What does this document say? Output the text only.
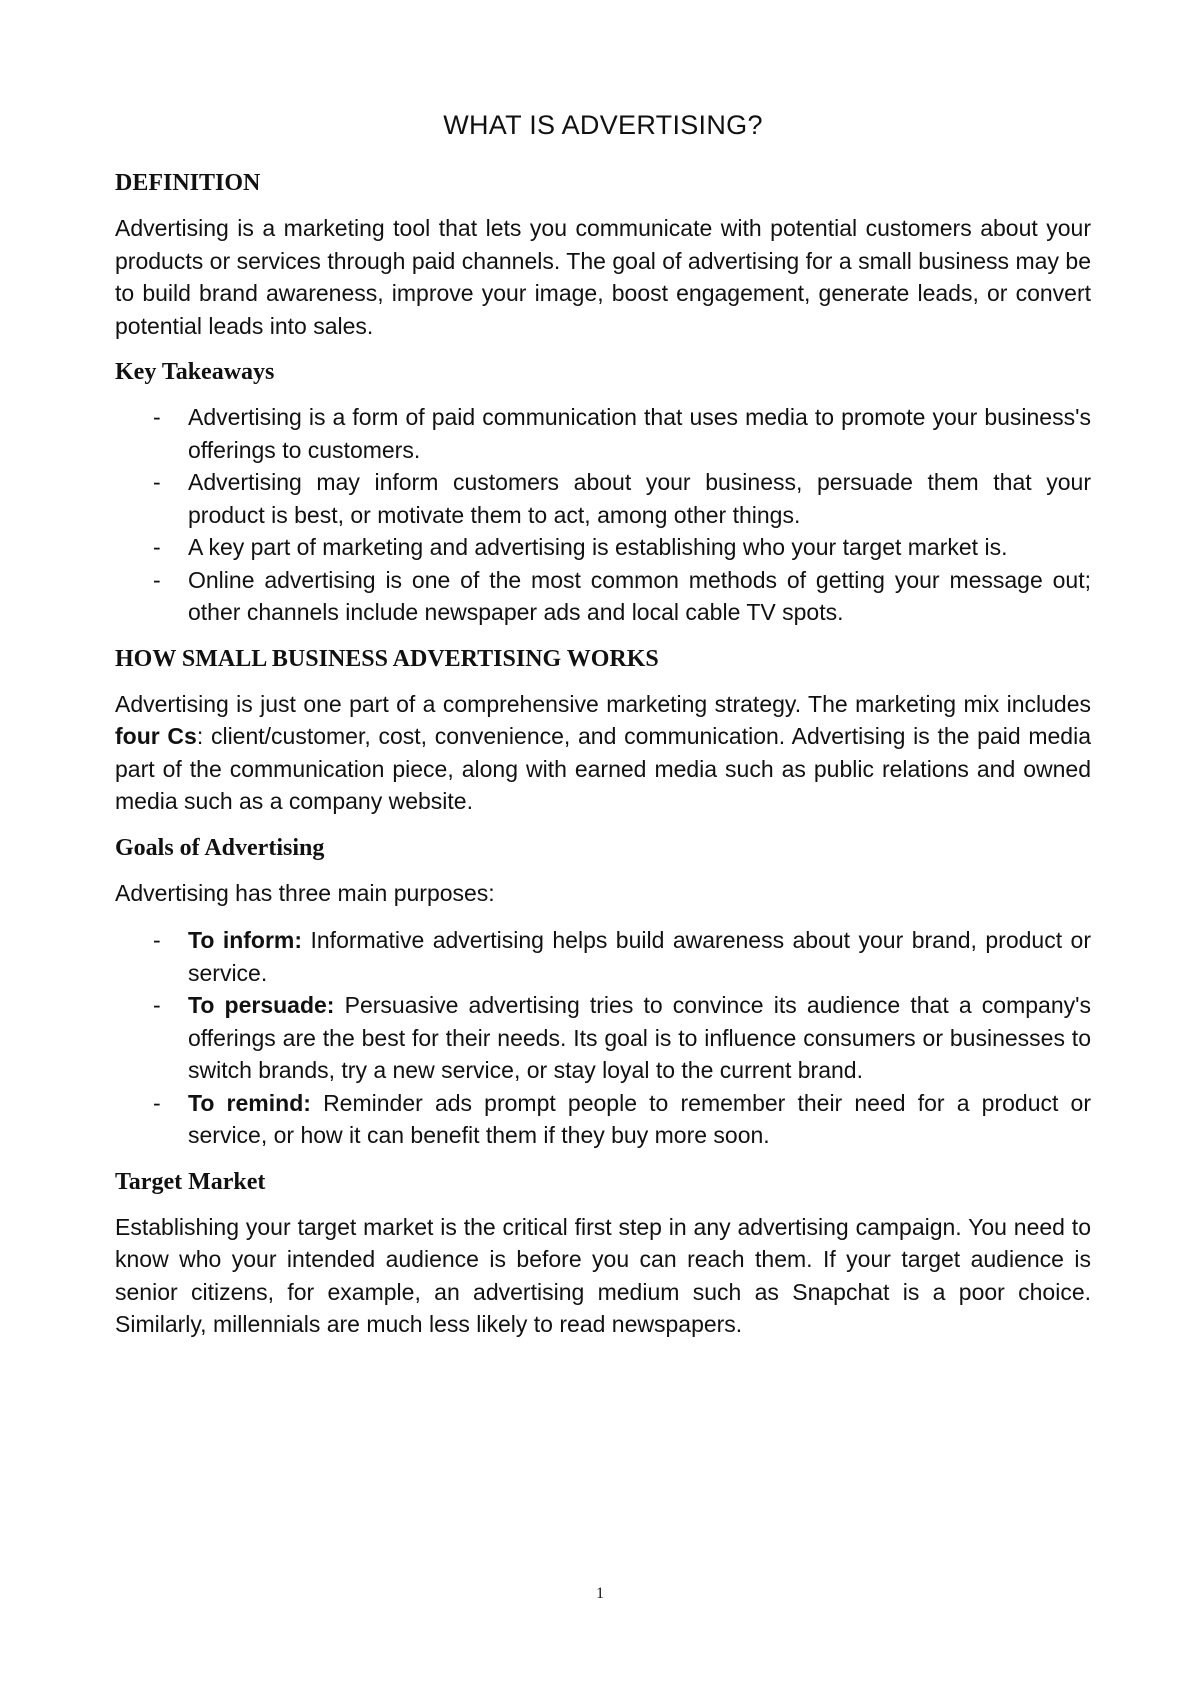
WHAT IS ADVERTISING?
DEFINITION

Advertising is a marketing tool that lets you communicate with potential customers about your products or services through paid channels. The goal of advertising for a small business may be to build brand awareness, improve your image, boost engagement, generate leads, or convert potential leads into sales.

Key Takeaways
- Advertising is a form of paid communication that uses media to promote your business's offerings to customers.
- Advertising may inform customers about your business, persuade them that your product is best, or motivate them to act, among other things.
- A key part of marketing and advertising is establishing who your target market is.
- Online advertising is one of the most common methods of getting your message out; other channels include newspaper ads and local cable TV spots.
HOW SMALL BUSINESS ADVERTISING WORKS

Advertising is just one part of a comprehensive marketing strategy. The marketing mix includes four Cs: client/customer, cost, convenience, and communication. Advertising is the paid media part of the communication piece, along with earned media such as public relations and owned media such as a company website.

Goals of Advertising

Advertising has three main purposes:

- To inform: Informative advertising helps build awareness about your brand, product or service.
- To persuade: Persuasive advertising tries to convince its audience that a company's offerings are the best for their needs. Its goal is to influence consumers or businesses to switch brands, try a new service, or stay loyal to the current brand.
- To remind: Reminder ads prompt people to remember their need for a product or service, or how it can benefit them if they buy more soon.
Target Market

Establishing your target market is the critical first step in any advertising campaign. You need to know who your intended audience is before you can reach them. If your target audience is senior citizens, for example, an advertising medium such as Snapchat is a poor choice. Similarly, millennials are much less likely to read newspapers.

1
